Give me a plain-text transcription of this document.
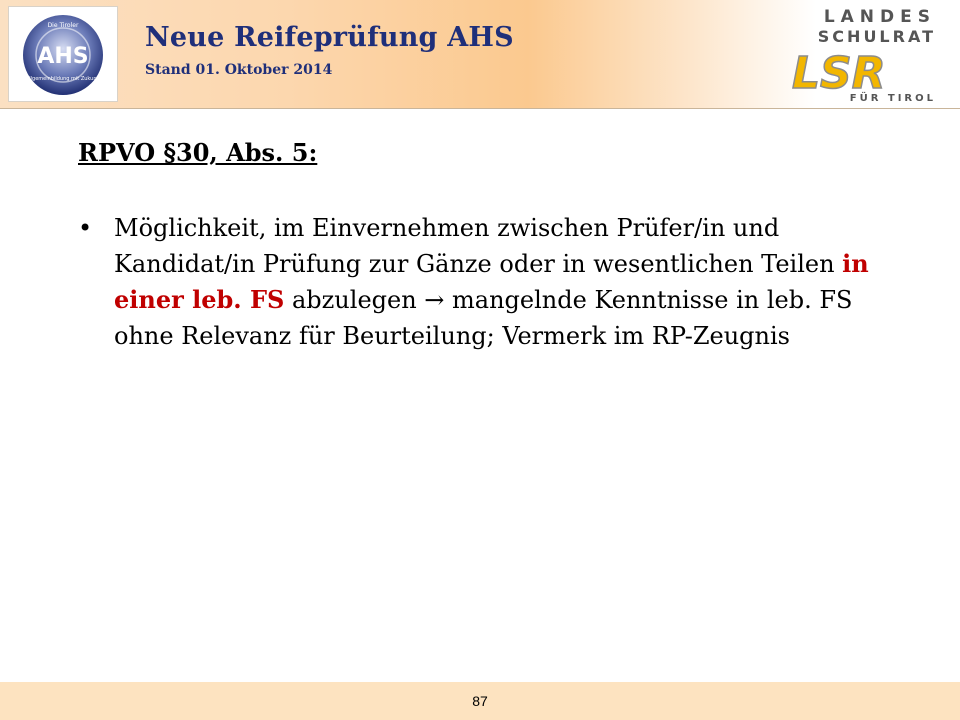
Die Tiroler
AHS
Allgemeinbildung mit Zukunft
Neue Reifeprüfung AHS
Stand 01. Oktober 2014
LANDES
SCHULRAT
LSR
FÜR TIROL
RPVO §30, Abs. 5:
• Möglichkeit, im Einvernehmen zwischen Prüfer/in und Kandidat/in Prüfung zur Gänze oder in wesentlichen Teilen in einer leb. FS abzulegen → mangelnde Kenntnisse in leb. FS ohne Relevanz für Beurteilung; Vermerk im RP-Zeugnis
87
